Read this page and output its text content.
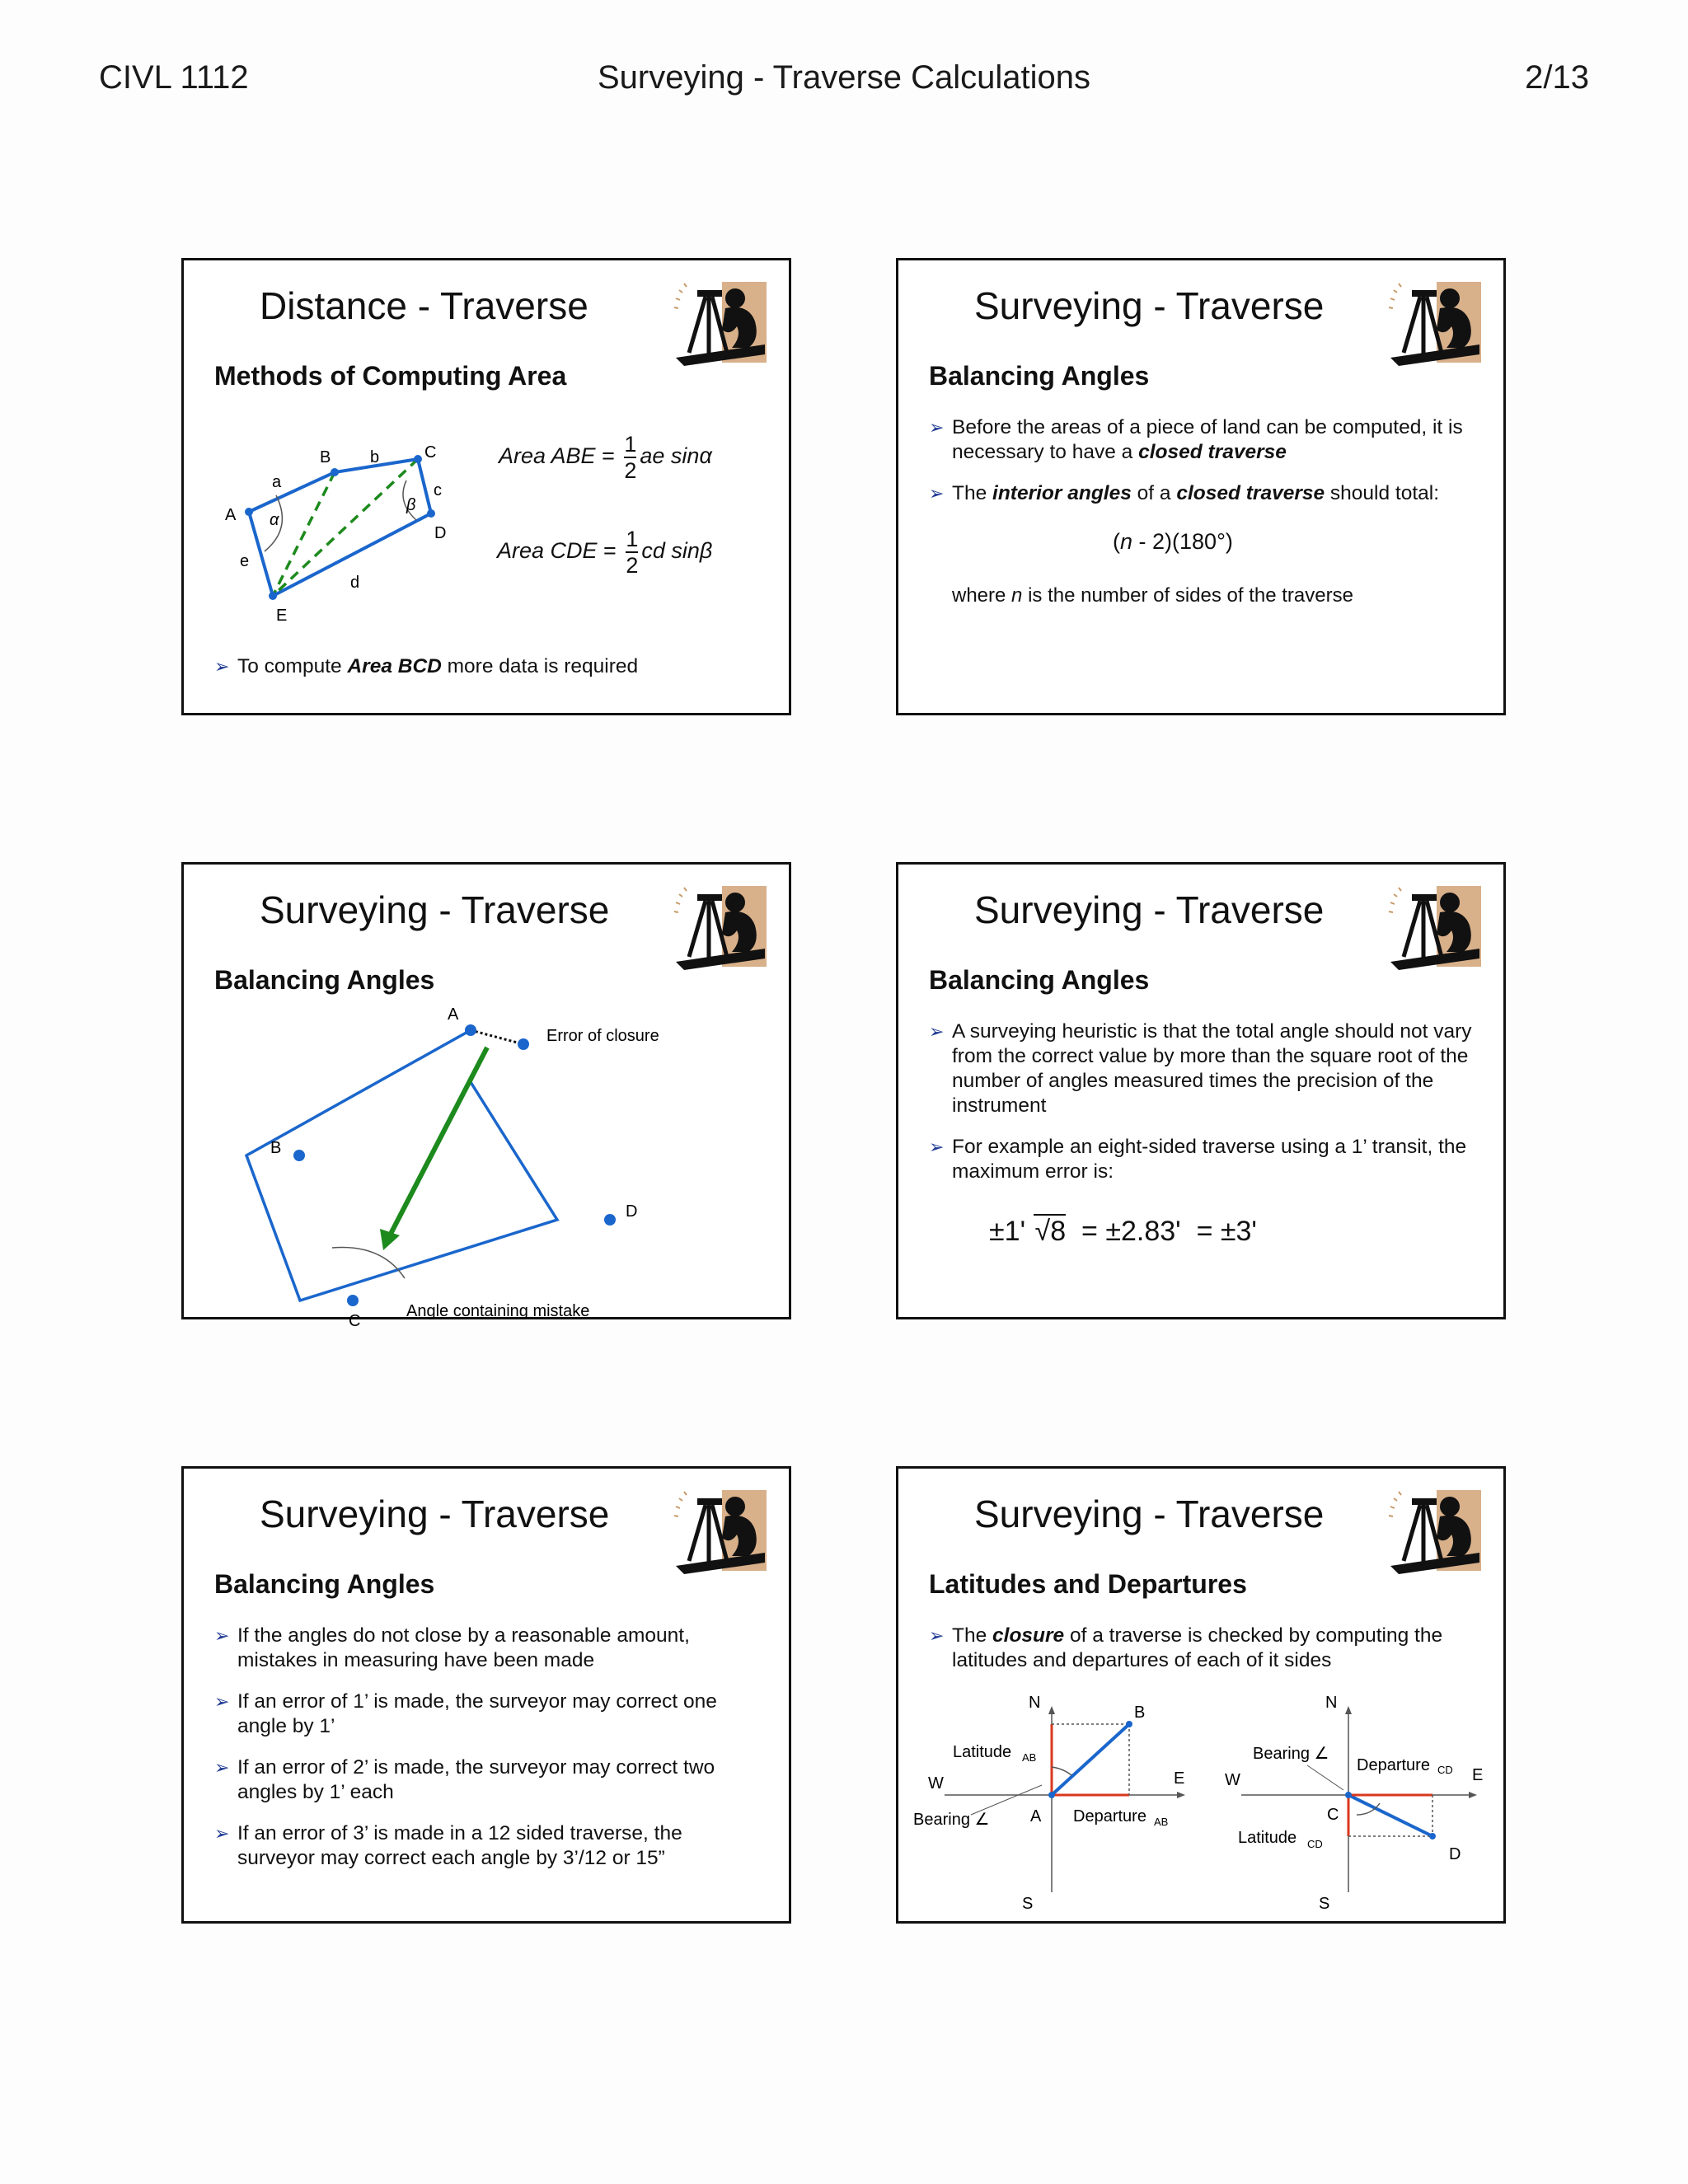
CIVL 1112	Surveying - Traverse Calculations	2/13
Distance - Traverse
Methods of Computing Area
A
B	C
D
E
a
b
c
d
e
α
β
Area ABE = $\frac{1}{2}$ ae sinα
Area CDE = $\frac{1}{2}$ cd sinβ
➢ To compute Area BCD more data is required
Surveying - Traverse
Balancing Angles
➢ Before the areas of a piece of land can be computed, it is necessary to have a closed traverse
➢ The interior angles of a closed traverse should total:
(n - 2)(180°)
where n is the number of sides of the traverse
Surveying - Traverse
Balancing Angles
A
B
C
D
Error of closure
Angle containing mistake
Surveying - Traverse
Balancing Angles
➢ A surveying heuristic is that the total angle should not vary from the correct value by more than the square root of the number of angles measured times the precision of the instrument
➢ For example an eight-sided traverse using a 1’ transit, the maximum error is:
±1' √8 = ±2.83' = ±3'
Surveying - Traverse
Balancing Angles
➢ If the angles do not close by a reasonable amount, mistakes in measuring have been made
➢ If an error of 1’ is made, the surveyor may correct one angle by 1’
➢ If an error of 2’ is made, the surveyor may correct two angles by 1’ each
➢ If an error of 3’ is made in a 12 sided traverse, the surveyor may correct each angle by 3’/12 or 15”
Surveying - Traverse
Latitudes and Departures
➢ The closure of a traverse is checked by computing the latitudes and departures of each of it sides
N
S
E
W
A
B
Latitude AB
Departure AB
Bearing ∠
N
S
E
W
C
D
Latitude CD
Departure CD
Bearing ∠
